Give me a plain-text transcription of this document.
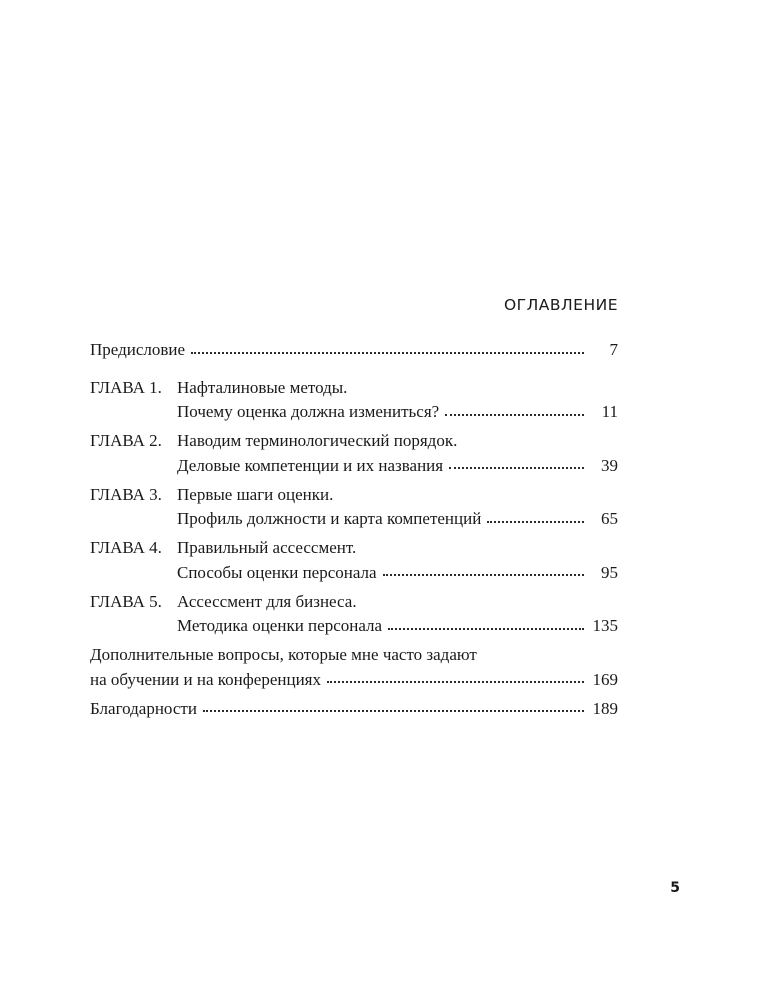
ОГЛАВЛЕНИЕ
Предисловие	7
ГЛАВА 1. Нафталиновые методы.
Почему оценка должна измениться?	11
ГЛАВА 2. Наводим терминологический порядок.
Деловые компетенции и их названия	39
ГЛАВА 3. Первые шаги оценки.
Профиль должности и карта компетенций	65
ГЛАВА 4. Правильный ассессмент.
Способы оценки персонала	95
ГЛАВА 5. Ассессмент для бизнеса.
Методика оценки персонала	135
Дополнительные вопросы, которые мне часто задают
на обучении и на конференциях	169
Благодарности	189
5
